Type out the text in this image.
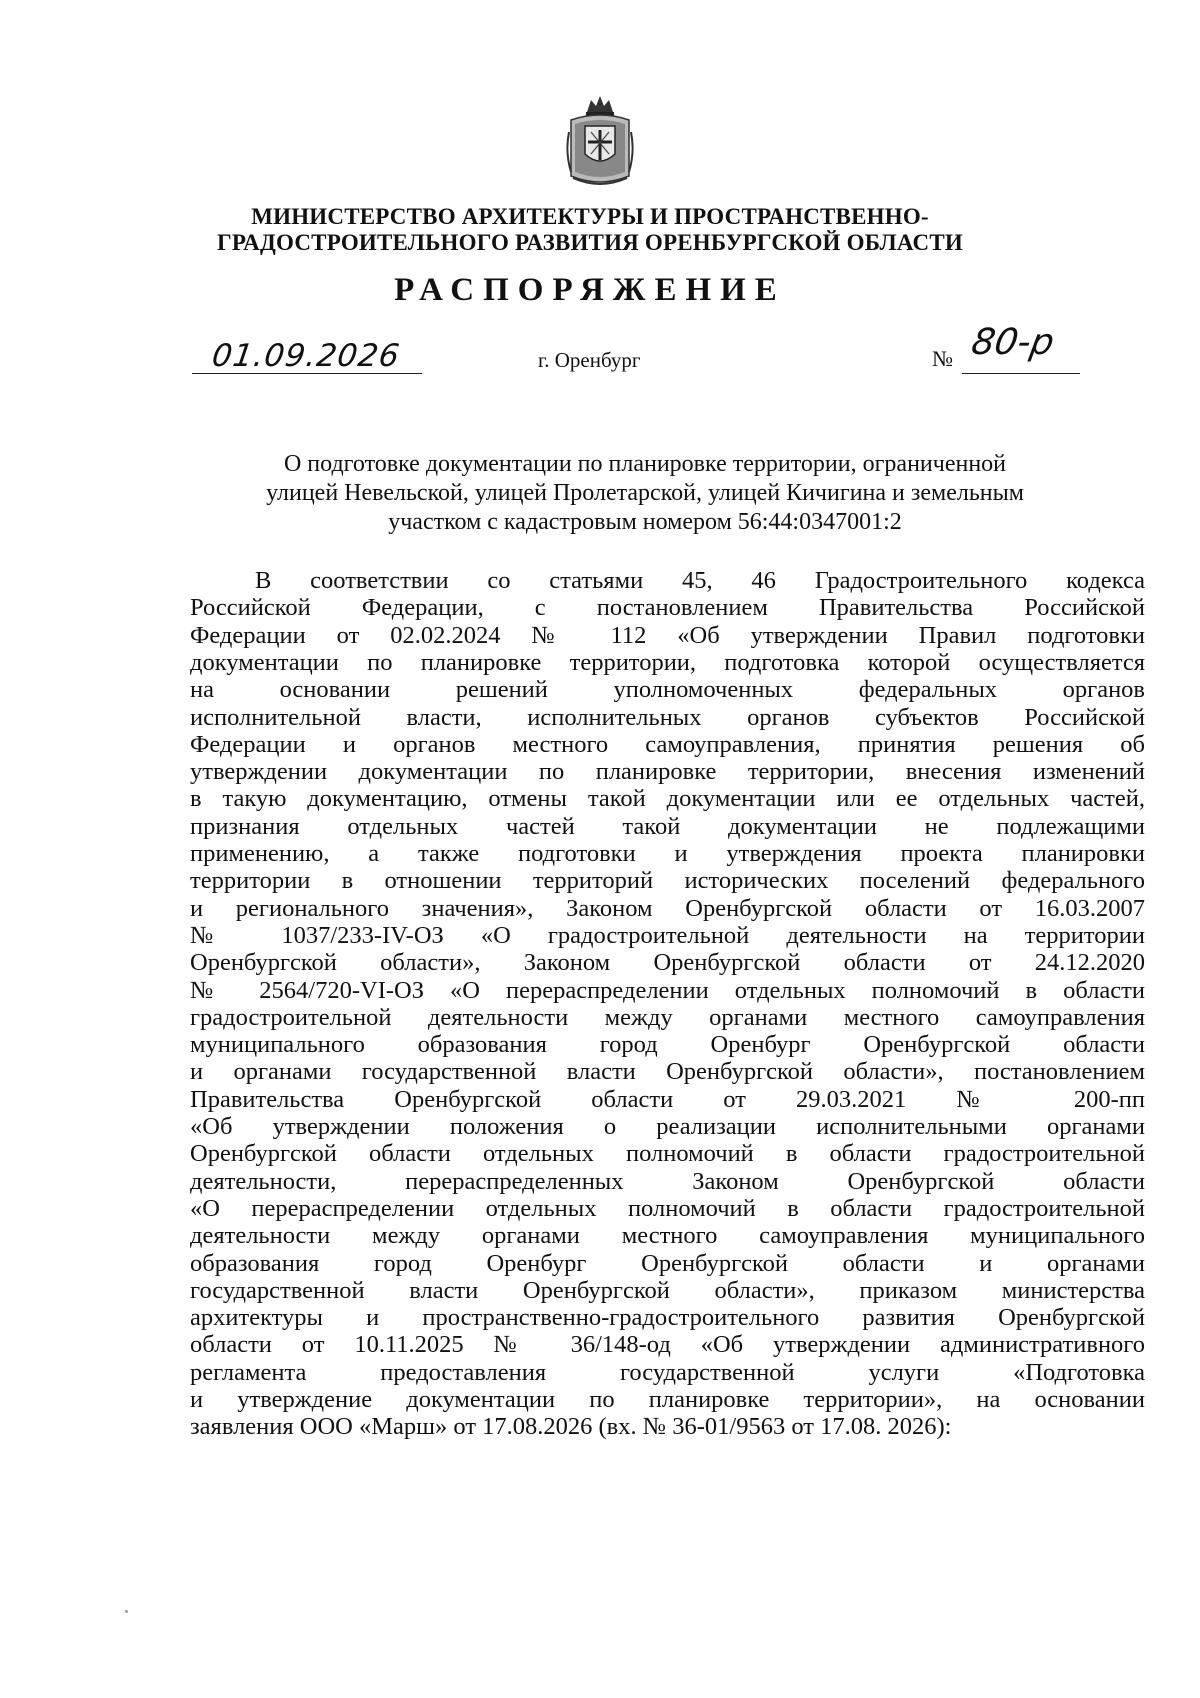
МИНИСТЕРСТВО АРХИТЕКТУРЫ И ПРОСТРАНСТВЕННО-
ГРАДОСТРОИТЕЛЬНОГО РАЗВИТИЯ ОРЕНБУРГСКОЙ ОБЛАСТИ
РАСПОРЯЖЕНИЕ
01.09.2026	г. Оренбург	№ 80-р
О подготовке документации по планировке территории, ограниченной
улицей Невельской, улицей Пролетарской, улицей Кичигина и земельным
участком с кадастровым номером 56:44:0347001:2
В соответствии со статьями 45, 46 Градостроительного кодекса
Российской Федерации, с постановлением Правительства Российской
Федерации от 02.02.2024 № 112 «Об утверждении Правил подготовки
документации по планировке территории, подготовка которой осуществляется
на основании решений уполномоченных федеральных органов
исполнительной власти, исполнительных органов субъектов Российской
Федерации и органов местного самоуправления, принятия решения об
утверждении документации по планировке территории, внесения изменений
в такую документацию, отмены такой документации или ее отдельных частей,
признания отдельных частей такой документации не подлежащими
применению, а также подготовки и утверждения проекта планировки
территории в отношении территорий исторических поселений федерального
и регионального значения», Законом Оренбургской области от 16.03.2007
№ 1037/233-IV-ОЗ «О градостроительной деятельности на территории
Оренбургской области», Законом Оренбургской области от 24.12.2020
№ 2564/720-VI-ОЗ «О перераспределении отдельных полномочий в области
градостроительной деятельности между органами местного самоуправления
муниципального образования город Оренбург Оренбургской области
и органами государственной власти Оренбургской области», постановлением
Правительства Оренбургской области от 29.03.2021 № 200-пп
«Об утверждении положения о реализации исполнительными органами
Оренбургской области отдельных полномочий в области градостроительной
деятельности, перераспределенных Законом Оренбургской области
«О перераспределении отдельных полномочий в области градостроительной
деятельности между органами местного самоуправления муниципального
образования город Оренбург Оренбургской области и органами
государственной власти Оренбургской области», приказом министерства
архитектуры и пространственно-градостроительного развития Оренбургской
области от 10.11.2025 № 36/148-од «Об утверждении административного
регламента предоставления государственной услуги «Подготовка
и утверждение документации по планировке территории», на основании
заявления ООО «Марш» от 17.08.2026 (вх. № 36-01/9563 от 17.08. 2026):
